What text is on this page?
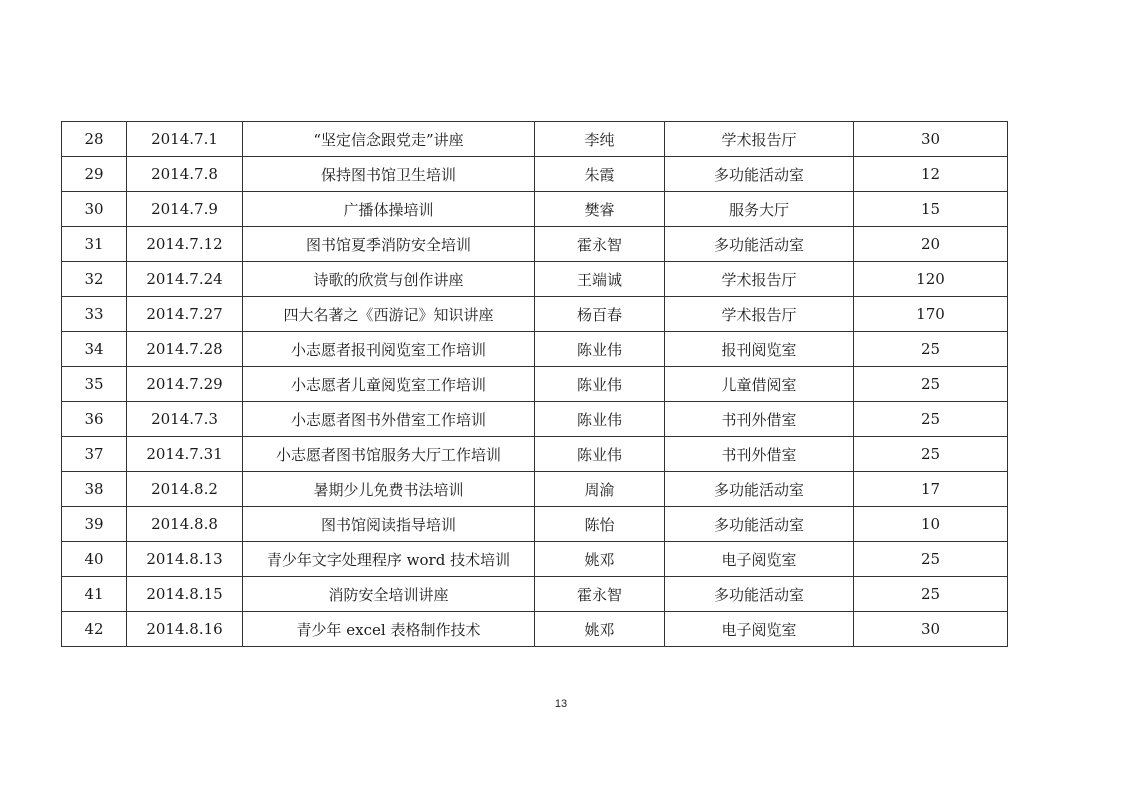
28	2014.7.1	“坚定信念跟党走”讲座	李纯	学术报告厅	30
29	2014.7.8	保持图书馆卫生培训	朱霞	多功能活动室	12
30	2014.7.9	广播体操培训	樊睿	服务大厅	15
31	2014.7.12	图书馆夏季消防安全培训	霍永智	多功能活动室	20
32	2014.7.24	诗歌的欣赏与创作讲座	王端诚	学术报告厅	120
33	2014.7.27	四大名著之《西游记》知识讲座	杨百春	学术报告厅	170
34	2014.7.28	小志愿者报刊阅览室工作培训	陈业伟	报刊阅览室	25
35	2014.7.29	小志愿者儿童阅览室工作培训	陈业伟	儿童借阅室	25
36	2014.7.3	小志愿者图书外借室工作培训	陈业伟	书刊外借室	25
37	2014.7.31	小志愿者图书馆服务大厅工作培训	陈业伟	书刊外借室	25
38	2014.8.2	暑期少儿免费书法培训	周渝	多功能活动室	17
39	2014.8.8	图书馆阅读指导培训	陈怡	多功能活动室	10
40	2014.8.13	青少年文字处理程序 word 技术培训	姚邓	电子阅览室	25
41	2014.8.15	消防安全培训讲座	霍永智	多功能活动室	25
42	2014.8.16	青少年 excel 表格制作技术	姚邓	电子阅览室	30
13
